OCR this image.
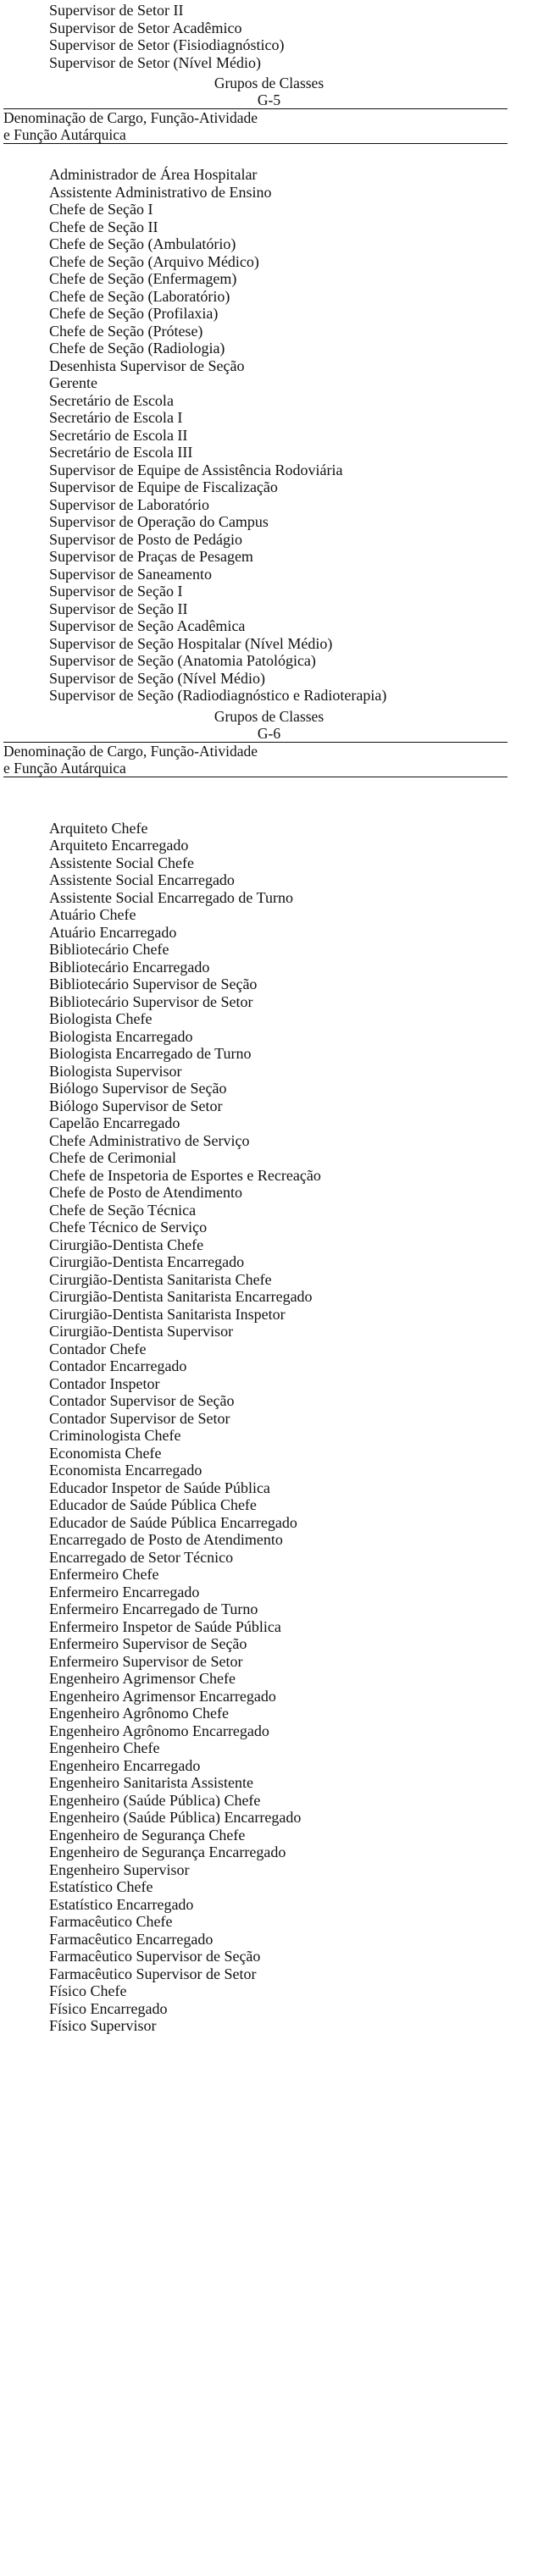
Supervisor de Setor II
Supervisor de Setor Acadêmico
Supervisor de Setor (Fisiodiagnóstico)
Supervisor de Setor (Nível Médio)
Grupos de Classes
G-5
Denominação de Cargo, Função-Atividade
e Função Autárquica
Administrador de Área Hospitalar
Assistente Administrativo de Ensino
Chefe de Seção I
Chefe de Seção II
Chefe de Seção (Ambulatório)
Chefe de Seção (Arquivo Médico)
Chefe de Seção (Enfermagem)
Chefe de Seção (Laboratório)
Chefe de Seção (Profilaxia)
Chefe de Seção (Prótese)
Chefe de Seção (Radiologia)
Desenhista Supervisor de Seção
Gerente
Secretário de Escola
Secretário de Escola I
Secretário de Escola II
Secretário de Escola III
Supervisor de Equipe de Assistência Rodoviária
Supervisor de Equipe de Fiscalização
Supervisor de Laboratório
Supervisor de Operação do Campus
Supervisor de Posto de Pedágio
Supervisor de Praças de Pesagem
Supervisor de Saneamento
Supervisor de Seção I
Supervisor de Seção II
Supervisor de Seção Acadêmica
Supervisor de Seção Hospitalar (Nível Médio)
Supervisor de Seção (Anatomia Patológica)
Supervisor de Seção (Nível Médio)
Supervisor de Seção (Radiodiagnóstico e Radioterapia)
Grupos de Classes
G-6
Denominação de Cargo, Função-Atividade
e Função Autárquica
Arquiteto Chefe
Arquiteto Encarregado
Assistente Social Chefe
Assistente Social Encarregado
Assistente Social Encarregado de Turno
Atuário Chefe
Atuário Encarregado
Bibliotecário Chefe
Bibliotecário Encarregado
Bibliotecário Supervisor de Seção
Bibliotecário Supervisor de Setor
Biologista Chefe
Biologista Encarregado
Biologista Encarregado de Turno
Biologista Supervisor
Biólogo Supervisor de Seção
Biólogo Supervisor de Setor
Capelão Encarregado
Chefe Administrativo de Serviço
Chefe de Cerimonial
Chefe de Inspetoria de Esportes e Recreação
Chefe de Posto de Atendimento
Chefe de Seção Técnica
Chefe Técnico de Serviço
Cirurgião-Dentista Chefe
Cirurgião-Dentista Encarregado
Cirurgião-Dentista Sanitarista Chefe
Cirurgião-Dentista Sanitarista Encarregado
Cirurgião-Dentista Sanitarista Inspetor
Cirurgião-Dentista Supervisor
Contador Chefe
Contador Encarregado
Contador Inspetor
Contador Supervisor de Seção
Contador Supervisor de Setor
Criminologista Chefe
Economista Chefe
Economista Encarregado
Educador Inspetor de Saúde Pública
Educador de Saúde Pública Chefe
Educador de Saúde Pública Encarregado
Encarregado de Posto de Atendimento
Encarregado de Setor Técnico
Enfermeiro Chefe
Enfermeiro Encarregado
Enfermeiro Encarregado de Turno
Enfermeiro Inspetor de Saúde Pública
Enfermeiro Supervisor de Seção
Enfermeiro Supervisor de Setor
Engenheiro Agrimensor Chefe
Engenheiro Agrimensor Encarregado
Engenheiro Agrônomo Chefe
Engenheiro Agrônomo Encarregado
Engenheiro Chefe
Engenheiro Encarregado
Engenheiro Sanitarista Assistente
Engenheiro (Saúde Pública) Chefe
Engenheiro (Saúde Pública) Encarregado
Engenheiro de Segurança Chefe
Engenheiro de Segurança Encarregado
Engenheiro Supervisor
Estatístico Chefe
Estatístico Encarregado
Farmacêutico Chefe
Farmacêutico Encarregado
Farmacêutico Supervisor de Seção
Farmacêutico Supervisor de Setor
Físico Chefe
Físico Encarregado
Físico Supervisor
